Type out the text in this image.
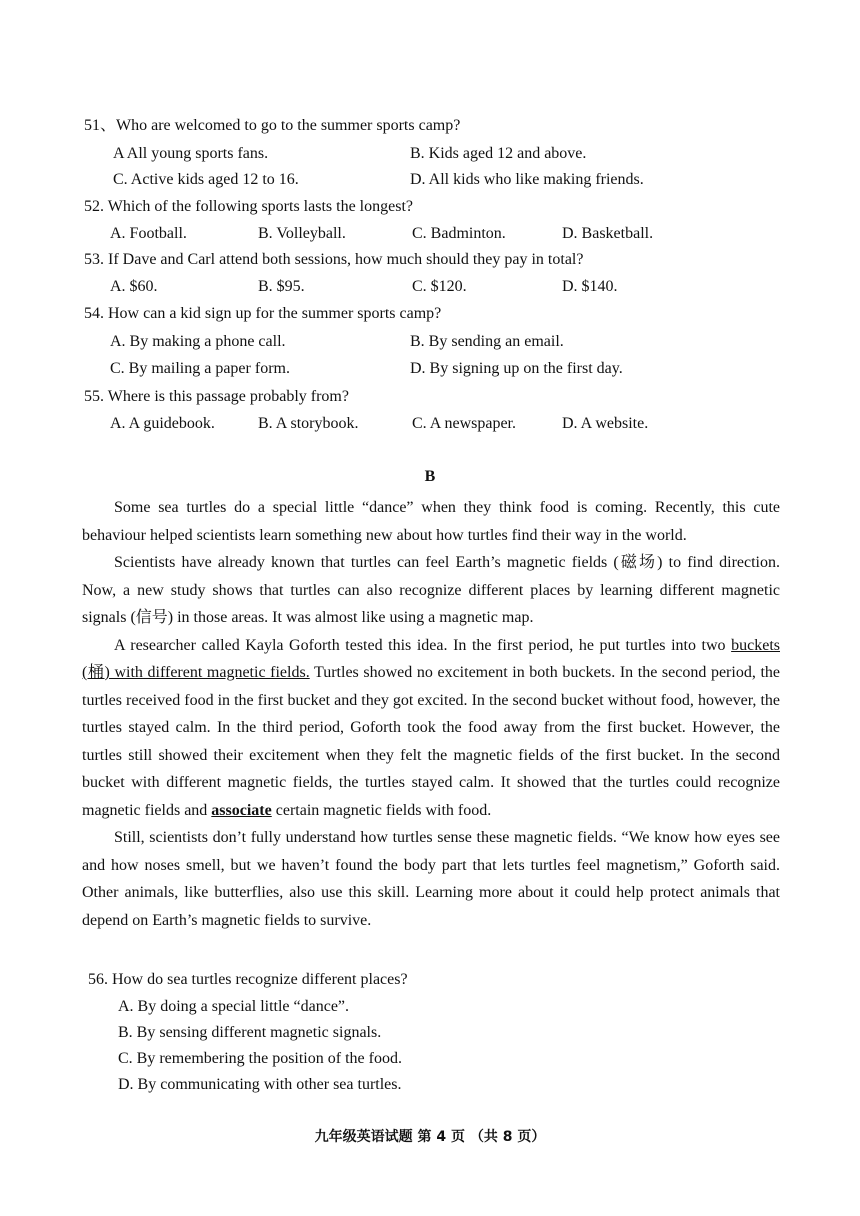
51、Who are welcomed to go to the summer sports camp?
A All young sports fans.	B. Kids aged 12 and above.
C. Active kids aged 12 to 16.	D. All kids who like making friends.
52. Which of the following sports lasts the longest?
A. Football.	B. Volleyball.	C. Badminton.	D. Basketball.
53. If Dave and Carl attend both sessions, how much should they pay in total?
A. $60.	B. $95.	C. $120.	D. $140.
54. How can a kid sign up for the summer sports camp?
A. By making a phone call.	B. By sending an email.
C. By mailing a paper form.	D. By signing up on the first day.
55. Where is this passage probably from?
A. A guidebook.	B. A storybook.	C. A newspaper.	D. A website.
B

Some sea turtles do a special little “dance” when they think food is coming. Recently, this cute behaviour helped scientists learn something new about how turtles find their way in the world.

Scientists have already known that turtles can feel Earth’s magnetic fields (磁场) to find direction. Now, a new study shows that turtles can also recognize different places by learning different magnetic signals (信号) in those areas. It was almost like using a magnetic map.

A researcher called Kayla Goforth tested this idea. In the first period, he put turtles into two buckets (桶) with different magnetic fields. Turtles showed no excitement in both buckets. In the second period, the turtles received food in the first bucket and they got excited. In the second bucket without food, however, the turtles stayed calm. In the third period, Goforth took the food away from the first bucket. However, the turtles still showed their excitement when they felt the magnetic fields of the first bucket. In the second bucket with different magnetic fields, the turtles stayed calm. It showed that the turtles could recognize magnetic fields and associate certain magnetic fields with food.

Still, scientists don’t fully understand how turtles sense these magnetic fields. “We know how eyes see and how noses smell, but we haven’t found the body part that lets turtles feel magnetism,” Goforth said. Other animals, like butterflies, also use this skill. Learning more about it could help protect animals that depend on Earth’s magnetic fields to survive.

56. How do sea turtles recognize different places?
A. By doing a special little “dance”.
B. By sensing different magnetic signals.
C. By remembering the position of the food.
D. By communicating with other sea turtles.
九年级英语试题 第 4 页 （共 8 页）
